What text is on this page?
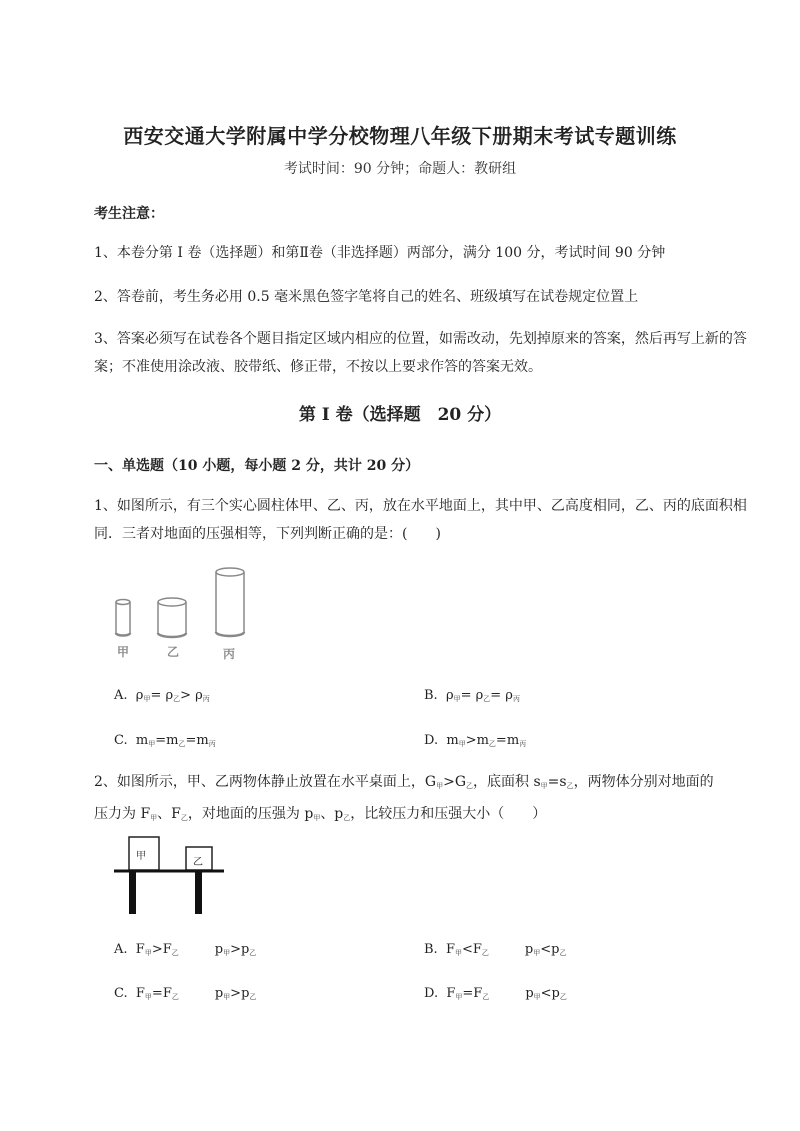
西安交通大学附属中学分校物理八年级下册期末考试专题训练
考试时间：90 分钟；命题人：教研组
考生注意：
1、本卷分第 I 卷（选择题）和第Ⅱ卷（非选择题）两部分，满分 100 分，考试时间 90 分钟
2、答卷前，考生务必用 0.5 毫米黑色签字笔将自己的姓名、班级填写在试卷规定位置上
3、答案必须写在试卷各个题目指定区域内相应的位置，如需改动，先划掉原来的答案，然后再写上新的答案；不准使用涂改液、胶带纸、修正带，不按以上要求作答的答案无效。
第 I 卷（选择题　20 分）
一、单选题（10 小题，每小题 2 分，共计 20 分）
1、如图所示，有三个实心圆柱体甲、乙、丙，放在水平地面上，其中甲、乙高度相同，乙、丙的底面积相同．三者对地面的压强相等，下列判断正确的是：(　　)
甲	乙	丙
A. $\rho_甲= \rho_乙> \rho_丙$	B. $\rho_甲= \rho_乙= \rho_丙$
C. $m_甲=m_乙=m_丙$	D. $m_甲>m_乙=m_丙$
2、如图所示，甲、乙两物体静止放置在水平桌面上，$G_甲>G_乙$，底面积 $s_甲=s_乙$，两物体分别对地面的
压力为 $F_甲$、$F_乙$，对地面的压强为 $p_甲$、$p_乙$，比较压力和压强大小（　　）
甲
乙
A. $F_甲>F_乙$	$p_甲>p_乙$	B. $F_甲<F_乙$	$p_甲<p_乙$
C. $F_甲=F_乙$	$p_甲>p_乙$	D. $F_甲=F_乙$	$p_甲<p_乙$
